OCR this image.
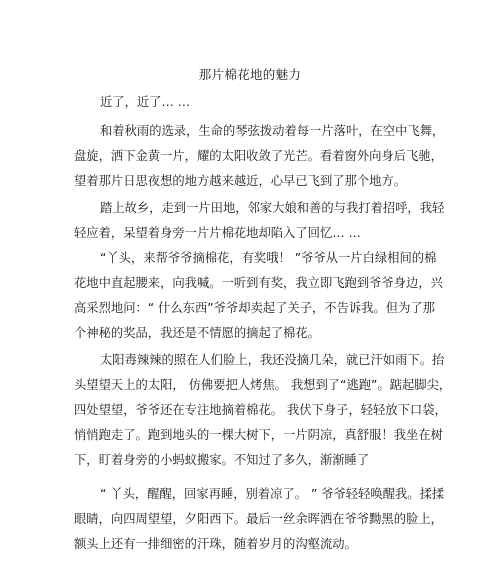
那片棉花地的魅力
近了，近了… …
和着秋雨的选录，生命的琴弦拨动着每一片落叶，在空中飞舞，
盘旋，洒下金黄一片，耀的太阳收敛了光芒。看着窗外向身后飞驰，
望着那片日思夜想的地方越来越近，心早已飞到了那个地方。
踏上故乡，走到一片田地，邻家大娘和善的与我打着招呼，我轻
轻应着，呆望着身旁一片片棉花地却陷入了回忆… …
“丫头，来帮爷爷摘棉花，有奖哦！ ”爷爷从一片白绿相间的棉
花地中直起腰来，向我喊。一听到有奖，我立即飞跑到爷爷身边，兴
高采烈地问：“ 什么东西”爷爷却卖起了关子，不告诉我。但为了那
个神秘的奖品，我还是不情愿的摘起了棉花。
太阳毒辣辣的照在人们脸上，我还没摘几朵，就已汗如雨下。抬
头望望天上的太阳， 仿佛要把人烤焦。 我想到了“逃跑”。踮起脚尖，
四处望望，爷爷还在专注地摘着棉花。 我伏下身子，轻轻放下口袋，
悄悄跑走了。跑到地头的一棵大树下，一片阴凉，真舒服！我坐在树
下，盯着身旁的小蚂蚁搬家。不知过了多久，渐渐睡了
“ 丫头，醒醒，回家再睡，别着凉了。 ” 爷爷轻轻唤醒我。揉揉
眼睛，向四周望望，夕阳西下。最后一丝余晖洒在爷爷黝黑的脸上，
额头上还有一排细密的汗珠，随着岁月的沟壑流动。
